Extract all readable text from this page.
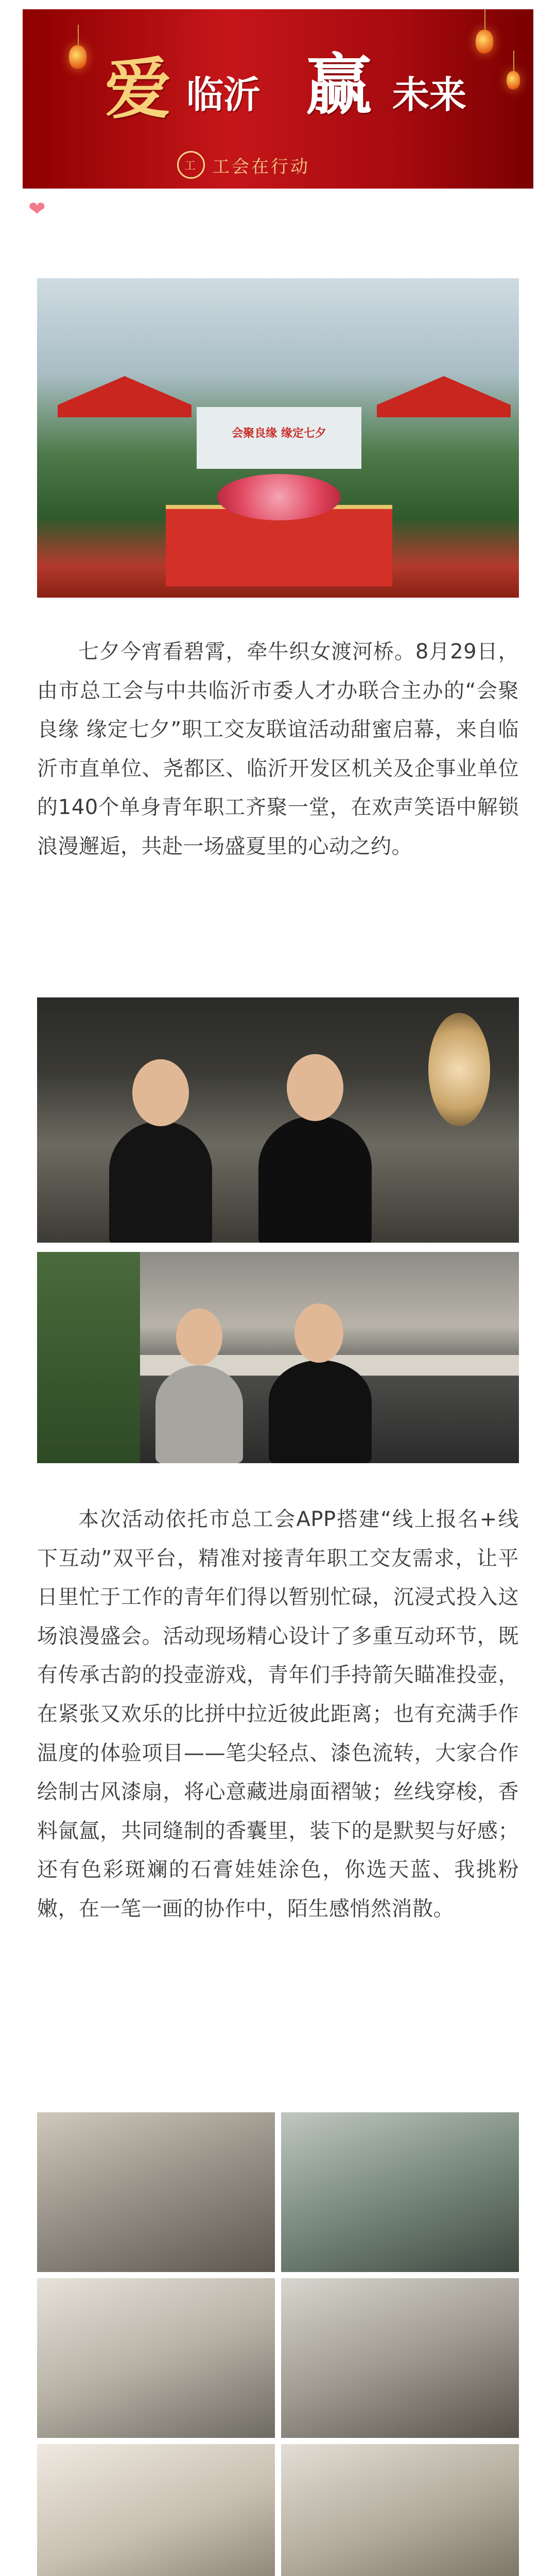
爱 临沂 赢 未来
工 工会在行动
❤
会聚良缘 缘定七夕

七夕今宵看碧霄，牵牛织女渡河桥。8月29日，由市总工会与中共临沂市委人才办联合主办的“会聚良缘 缘定七夕”职工交友联谊活动甜蜜启幕，来自临沂市直单位、尧都区、临沂开发区机关及企事业单位的140个单身青年职工齐聚一堂，在欢声笑语中解锁浪漫邂逅，共赴一场盛夏里的心动之约。

本次活动依托市总工会APP搭建“线上报名+线下互动”双平台，精准对接青年职工交友需求，让平日里忙于工作的青年们得以暂别忙碌，沉浸式投入这场浪漫盛会。活动现场精心设计了多重互动环节，既有传承古韵的投壶游戏，青年们手持箭矢瞄准投壶，在紧张又欢乐的比拼中拉近彼此距离；也有充满手作温度的体验项目——笔尖轻点、漆色流转，大家合作绘制古风漆扇，将心意藏进扇面褶皱；丝线穿梭，香料氤氲，共同缝制的香囊里，装下的是默契与好感；还有色彩斑斓的石膏娃娃涂色，你选天蓝、我挑粉嫩，在一笔一画的协作中，陌生感悄然消散。
